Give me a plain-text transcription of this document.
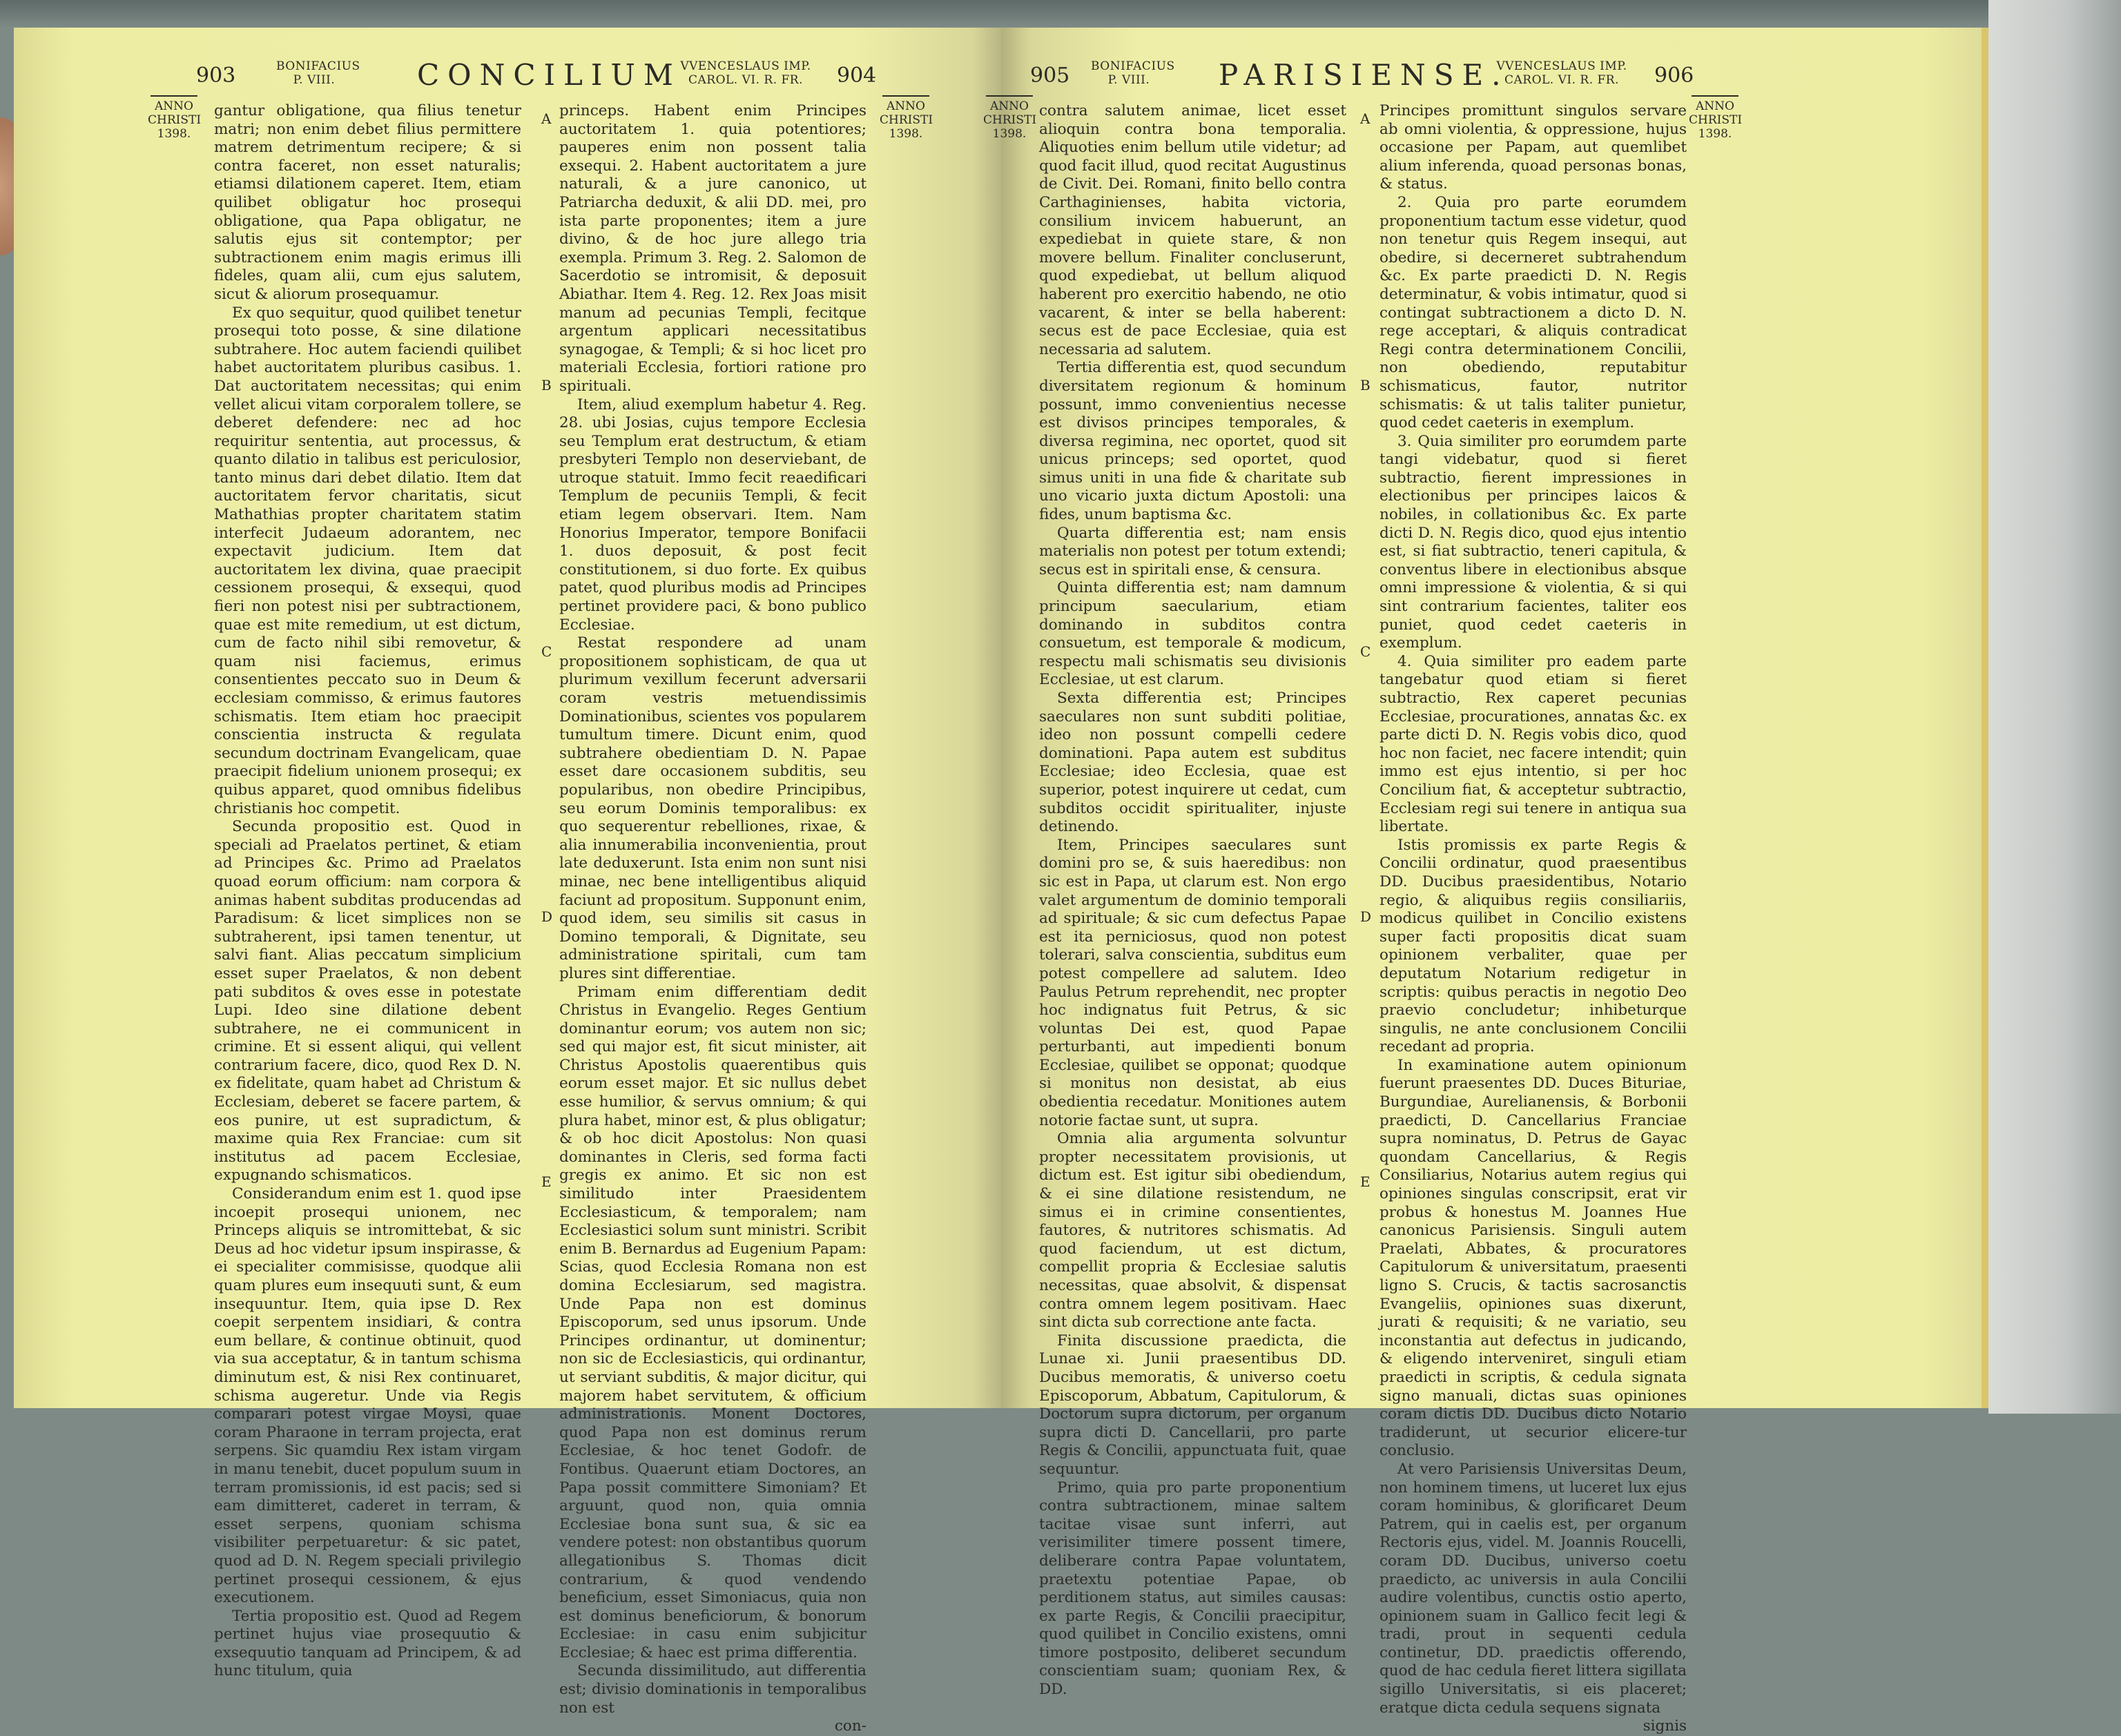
903	BONIFACIUS
P. VIII.	CONCILIUM
VVENCESLAUS IMP.
CAROL. VI. R. FR.	904
ANNO
CHRISTI
1398.
ANNO
CHRISTI
1398.

gantur obligatione, qua filius tenetur matri; non enim debet filius permittere matrem detrimentum recipere; & si contra faceret, non esset naturalis; etiamsi dilationem caperet. Item, etiam quilibet obligatur hoc prosequi obligatione, qua Papa obligatur, ne salutis ejus sit contemptor; per subtractionem enim magis erimus illi fideles, quam alii, cum ejus salutem, sicut & aliorum prosequamur.

Ex quo sequitur, quod quilibet tenetur prosequi toto posse, & sine dilatione subtrahere. Hoc autem faciendi quilibet habet auctoritatem pluribus casibus. 1. Dat auctoritatem necessitas; qui enim vellet alicui vitam corporalem tollere, se deberet defendere: nec ad hoc requiritur sententia, aut processus, & quanto dilatio in talibus est periculosior, tanto minus dari debet dilatio. Item dat auctoritatem fervor charitatis, sicut Mathathias propter charitatem statim interfecit Judaeum adorantem, nec expectavit judicium. Item dat auctoritatem lex divina, quae praecipit cessionem prosequi, & exsequi, quod fieri non potest nisi per subtractionem, quae est mite remedium, ut est dictum, cum de facto nihil sibi removetur, & quam nisi faciemus, erimus consentientes peccato suo in Deum & ecclesiam commisso, & erimus fautores schismatis. Item etiam hoc praecipit conscientia instructa & regulata secundum doctrinam Evangelicam, quae praecipit fidelium unionem prosequi; ex quibus apparet, quod omnibus fidelibus christianis hoc competit.

Secunda propositio est. Quod in speciali ad Praelatos pertinet, & etiam ad Principes &c. Primo ad Praelatos quoad eorum officium: nam corpora & animas habent subditas producendas ad Paradisum: & licet simplices non se subtraherent, ipsi tamen tenentur, ut salvi fiant. Alias peccatum simplicium esset super Praelatos, & non debent pati subditos & oves esse in potestate Lupi. Ideo sine dilatione debent subtrahere, ne ei communicent in crimine. Et si essent aliqui, qui vellent contrarium facere, dico, quod Rex D. N. ex fidelitate, quam habet ad Christum & Ecclesiam, deberet se facere partem, & eos punire, ut est supradictum, & maxime quia Rex Franciae: cum sit institutus ad pacem Ecclesiae, expugnando schismaticos.

Considerandum enim est 1. quod ipse incoepit prosequi unionem, nec Princeps aliquis se intromittebat, & sic Deus ad hoc videtur ipsum inspirasse, & ei specialiter commisisse, quodque alii quam plures eum insequuti sunt, & eum insequuntur. Item, quia ipse D. Rex coepit serpentem insidiari, & contra eum bellare, & continue obtinuit, quod via sua acceptatur, & in tantum schisma diminutum est, & nisi Rex continuaret, schisma augeretur. Unde via Regis comparari potest virgae Moysi, quae coram Pharaone in terram projecta, erat serpens. Sic quamdiu Rex istam virgam in manu tenebit, ducet populum suum in terram promissionis, id est pacis; sed si eam dimitteret, caderet in terram, & esset serpens, quoniam schisma visibiliter perpetuaretur: & sic patet, quod ad D. N. Regem speciali privilegio pertinet prosequi cessionem, & ejus executionem.

Tertia propositio est. Quod ad Regem pertinet hujus viae prosequutio & exsequutio tanquam ad Principem, & ad hunc titulum, quia

A
B
C
D
E

princeps. Habent enim Principes auctoritatem 1. quia potentiores; pauperes enim non possent talia exsequi. 2. Habent auctoritatem a jure naturali, & a jure canonico, ut Patriarcha deduxit, & alii DD. mei, pro ista parte proponentes; item a jure divino, & de hoc jure allego tria exempla. Primum 3. Reg. 2. Salomon de Sacerdotio se intromisit, & deposuit Abiathar. Item 4. Reg. 12. Rex Joas misit manum ad pecunias Templi, fecitque argentum applicari necessitatibus synagogae, & Templi; & si hoc licet pro materiali Ecclesia, fortiori ratione pro spirituali.

Item, aliud exemplum habetur 4. Reg. 28. ubi Josias, cujus tempore Ecclesia seu Templum erat destructum, & etiam presbyteri Templo non deserviebant, de utroque statuit. Immo fecit reaedificari Templum de pecuniis Templi, & fecit etiam legem observari. Item. Nam Honorius Imperator, tempore Bonifacii 1. duos deposuit, & post fecit constitutionem, si duo forte. Ex quibus patet, quod pluribus modis ad Principes pertinet providere paci, & bono publico Ecclesiae.

Restat respondere ad unam propositionem sophisticam, de qua ut plurimum vexillum fecerunt adversarii coram vestris metuendissimis Dominationibus, scientes vos popularem tumultum timere. Dicunt enim, quod subtrahere obedientiam D. N. Papae esset dare occasionem subditis, seu popularibus, non obedire Principibus, seu eorum Dominis temporalibus: ex quo sequerentur rebelliones, rixae, & alia innumerabilia inconvenientia, prout late deduxerunt. Ista enim non sunt nisi minae, nec bene intelligentibus aliquid faciunt ad propositum. Supponunt enim, quod idem, seu similis sit casus in Domino temporali, & Dignitate, seu administratione spiritali, cum tam plures sint differentiae.

Primam enim differentiam dedit Christus in Evangelio. Reges Gentium dominantur eorum; vos autem non sic; sed qui major est, fit sicut minister, ait Christus Apostolis quaerentibus quis eorum esset major. Et sic nullus debet esse humilior, & servus omnium; & qui plura habet, minor est, & plus obligatur; & ob hoc dicit Apostolus: Non quasi dominantes in Cleris, sed forma facti gregis ex animo. Et sic non est similitudo inter Praesidentem Ecclesiasticum, & temporalem; nam Ecclesiastici solum sunt ministri. Scribit enim B. Bernardus ad Eugenium Papam: Scias, quod Ecclesia Romana non est domina Ecclesiarum, sed magistra. Unde Papa non est dominus Episcoporum, sed unus ipsorum. Unde Principes ordinantur, ut dominentur; non sic de Ecclesiasticis, qui ordinantur, ut serviant subditis, & major dicitur, qui majorem habet servitutem, & officium administrationis. Monent Doctores, quod Papa non est dominus rerum Ecclesiae, & hoc tenet Godofr. de Fontibus. Quaerunt etiam Doctores, an Papa possit committere Simoniam? Et arguunt, quod non, quia omnia Ecclesiae bona sunt sua, & sic ea vendere potest: non obstantibus quorum allegationibus S. Thomas dicit contrarium, & quod vendendo beneficium, esset Simoniacus, quia non est dominus beneficiorum, & bonorum Ecclesiae: in casu enim subjicitur Ecclesiae; & haec est prima differentia.

Secunda dissimilitudo, aut differentia est; divisio dominationis in temporalibus non est

con-

905 BONIFACIUS
P. VIII.	PARISIENSE.
VVENCESLAUS IMP.
CAROL. VI. R. FR.	906
ANNO
CHRISTI
1398.
ANNO
CHRISTI
1398.

contra salutem animae, licet esset alioquin contra bona temporalia. Aliquoties enim bellum utile videtur; ad quod facit illud, quod recitat Augustinus de Civit. Dei. Romani, finito bello contra Carthaginienses, habita victoria, consilium invicem habuerunt, an expediebat in quiete stare, & non movere bellum. Finaliter concluserunt, quod expediebat, ut bellum aliquod haberent pro exercitio habendo, ne otio vacarent, & inter se bella haberent: secus est de pace Ecclesiae, quia est necessaria ad salutem.

Tertia differentia est, quod secundum diversitatem regionum & hominum possunt, immo convenientius necesse est divisos principes temporales, & diversa regimina, nec oportet, quod sit unicus princeps; sed oportet, quod simus uniti in una fide & charitate sub uno vicario juxta dictum Apostoli: una fides, unum baptisma &c.

Quarta differentia est; nam ensis materialis non potest per totum extendi; secus est in spiritali ense, & censura.

Quinta differentia est; nam damnum principum saecularium, etiam dominando in subditos contra consuetum, est temporale & modicum, respectu mali schismatis seu divisionis Ecclesiae, ut est clarum.

Sexta differentia est; Principes saeculares non sunt subditi politiae, ideo non possunt compelli cedere dominationi. Papa autem est subditus Ecclesiae; ideo Ecclesia, quae est superior, potest inquirere ut cedat, cum subditos occidit spiritualiter, injuste detinendo.

Item, Principes saeculares sunt domini pro se, & suis haeredibus: non sic est in Papa, ut clarum est. Non ergo valet argumentum de dominio temporali ad spirituale; & sic cum defectus Papae est ita perniciosus, quod non potest tolerari, salva conscientia, subditus eum potest compellere ad salutem. Ideo Paulus Petrum reprehendit, nec propter hoc indignatus fuit Petrus, & sic voluntas Dei est, quod Papae perturbanti, aut impedienti bonum Ecclesiae, quilibet se opponat; quodque si monitus non desistat, ab eius obedientia recedatur. Monitiones autem notorie factae sunt, ut supra.

Omnia alia argumenta solvuntur propter necessitatem provisionis, ut dictum est. Est igitur sibi obediendum, & ei sine dilatione resistendum, ne simus ei in crimine consentientes, fautores, & nutritores schismatis. Ad quod faciendum, ut est dictum, compellit propria & Ecclesiae salutis necessitas, quae absolvit, & dispensat contra omnem legem positivam. Haec sint dicta sub correctione ante facta.

Finita discussione praedicta, die Lunae xi. Junii praesentibus DD. Ducibus memoratis, & universo coetu Episcoporum, Abbatum, Capitulorum, & Doctorum supra dictorum, per organum supra dicti D. Cancellarii, pro parte Regis & Concilii, appunctuata fuit, quae sequuntur.

Primo, quia pro parte proponentium contra subtractionem, minae saltem tacitae visae sunt inferri, aut verisimiliter timere possent timere, deliberare contra Papae voluntatem, praetextu potentiae Papae, ob perditionem status, aut similes causas: ex parte Regis, & Concilii praecipitur, quod quilibet in Concilio existens, omni timore postposito, deliberet secundum conscientiam suam; quoniam Rex, & DD.

A
B
C
D
E

Principes promittunt singulos servare ab omni violentia, & oppressione, hujus occasione per Papam, aut quemlibet alium inferenda, quoad personas bonas, & status.

2. Quia pro parte eorumdem proponentium tactum esse videtur, quod non tenetur quis Regem insequi, aut obedire, si decerneret subtrahendum &c. Ex parte praedicti D. N. Regis determinatur, & vobis intimatur, quod si contingat subtractionem a dicto D. N. rege acceptari, & aliquis contradicat Regi contra determinationem Concilii, non obediendo, reputabitur schismaticus, fautor, nutritor schismatis: & ut talis taliter punietur, quod cedet caeteris in exemplum.

3. Quia similiter pro eorumdem parte tangi videbatur, quod si fieret subtractio, fierent impressiones in electionibus per principes laicos & nobiles, in collationibus &c. Ex parte dicti D. N. Regis dico, quod ejus intentio est, si fiat subtractio, teneri capitula, & conventus libere in electionibus absque omni impressione & violentia, & si qui sint contrarium facientes, taliter eos puniet, quod cedet caeteris in exemplum.

4. Quia similiter pro eadem parte tangebatur quod etiam si fieret subtractio, Rex caperet pecunias Ecclesiae, procurationes, annatas &c. ex parte dicti D. N. Regis vobis dico, quod hoc non faciet, nec facere intendit; quin immo est ejus intentio, si per hoc Concilium fiat, & acceptetur subtractio, Ecclesiam regi sui tenere in antiqua sua libertate.

Istis promissis ex parte Regis & Concilii ordinatur, quod praesentibus DD. Ducibus praesidentibus, Notario regio, & aliquibus regiis consiliariis, modicus quilibet in Concilio existens super facti propositis dicat suam opinionem verbaliter, quae per deputatum Notarium redigetur in scriptis: quibus peractis in negotio Deo praevio concludetur; inhibeturque singulis, ne ante conclusionem Concilii recedant ad propria.

In examinatione autem opinionum fuerunt praesentes DD. Duces Bituriae, Burgundiae, Aurelianensis, & Borbonii praedicti, D. Cancellarius Franciae supra nominatus, D. Petrus de Gayac quondam Cancellarius, & Regis Consiliarius, Notarius autem regius qui opiniones singulas conscripsit, erat vir probus & honestus M. Joannes Hue canonicus Parisiensis. Singuli autem Praelati, Abbates, & procuratores Capitulorum & universitatum, praesenti ligno S. Crucis, & tactis sacrosanctis Evangeliis, opiniones suas dixerunt, jurati & requisiti; & ne variatio, seu inconstantia aut defectus in judicando, & eligendo interveniret, singuli etiam praedicti in scriptis, & cedula signata signo manuali, dictas suas opiniones coram dictis DD. Ducibus dicto Notario tradiderunt, ut securior elicere-tur conclusio.

At vero Parisiensis Universitas Deum, non hominem timens, ut luceret lux ejus coram hominibus, & glorificaret Deum Patrem, qui in caelis est, per organum Rectoris ejus, videl. M. Joannis Roucelli, coram DD. Ducibus, universo coetu praedicto, ac universis in aula Concilii audire volentibus, cunctis ostio aperto, opinionem suam in Gallico fecit legi & tradi, prout in sequenti cedula continetur, DD. praedictis offerendo, quod de hac cedula fieret littera sigillata sigillo Universitatis, si eis placeret; eratque dicta cedula sequens signata

signis
